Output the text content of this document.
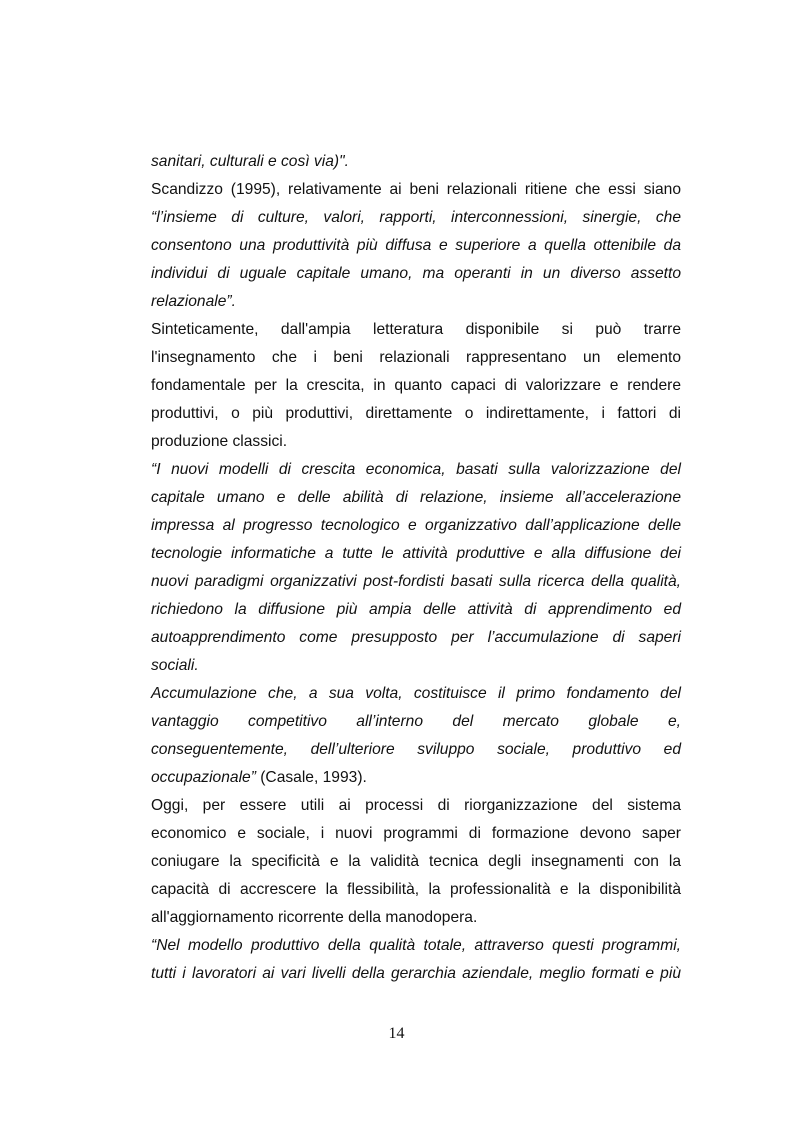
sanitari, culturali e così via)".
Scandizzo (1995), relativamente ai beni relazionali ritiene che essi siano
“l’insieme di culture, valori, rapporti, interconnessioni, sinergie, che
consentono una produttività più diffusa e superiore a quella ottenibile da
individui di uguale capitale umano, ma operanti in un diverso assetto
relazionale”.
Sinteticamente, dall'ampia letteratura disponibile si può trarre
l'insegnamento che i beni relazionali rappresentano un elemento
fondamentale per la crescita, in quanto capaci di valorizzare e rendere
produttivi, o più produttivi, direttamente o indirettamente, i fattori di
produzione classici.
“I nuovi modelli di crescita economica, basati sulla valorizzazione del
capitale umano e delle abilità di relazione, insieme all’accelerazione
impressa al progresso tecnologico e organizzativo dall’applicazione delle
tecnologie informatiche a tutte le attività produttive e alla diffusione dei
nuovi paradigmi organizzativi post-fordisti basati sulla ricerca della qualità,
richiedono la diffusione più ampia delle attività di apprendimento ed
autoapprendimento come presupposto per l’accumulazione di saperi
sociali.
Accumulazione che, a sua volta, costituisce il primo fondamento del
vantaggio competitivo all’interno del mercato globale e,
conseguentemente, dell’ulteriore sviluppo sociale, produttivo ed
occupazionale” (Casale, 1993).
Oggi, per essere utili ai processi di riorganizzazione del sistema
economico e sociale, i nuovi programmi di formazione devono saper
coniugare la specificità e la validità tecnica degli insegnamenti con la
capacità di accrescere la flessibilità, la professionalità e la disponibilità
all'aggiornamento ricorrente della manodopera.
“Nel modello produttivo della qualità totale, attraverso questi programmi,
tutti i lavoratori ai vari livelli della gerarchia aziendale, meglio formati e più
14
